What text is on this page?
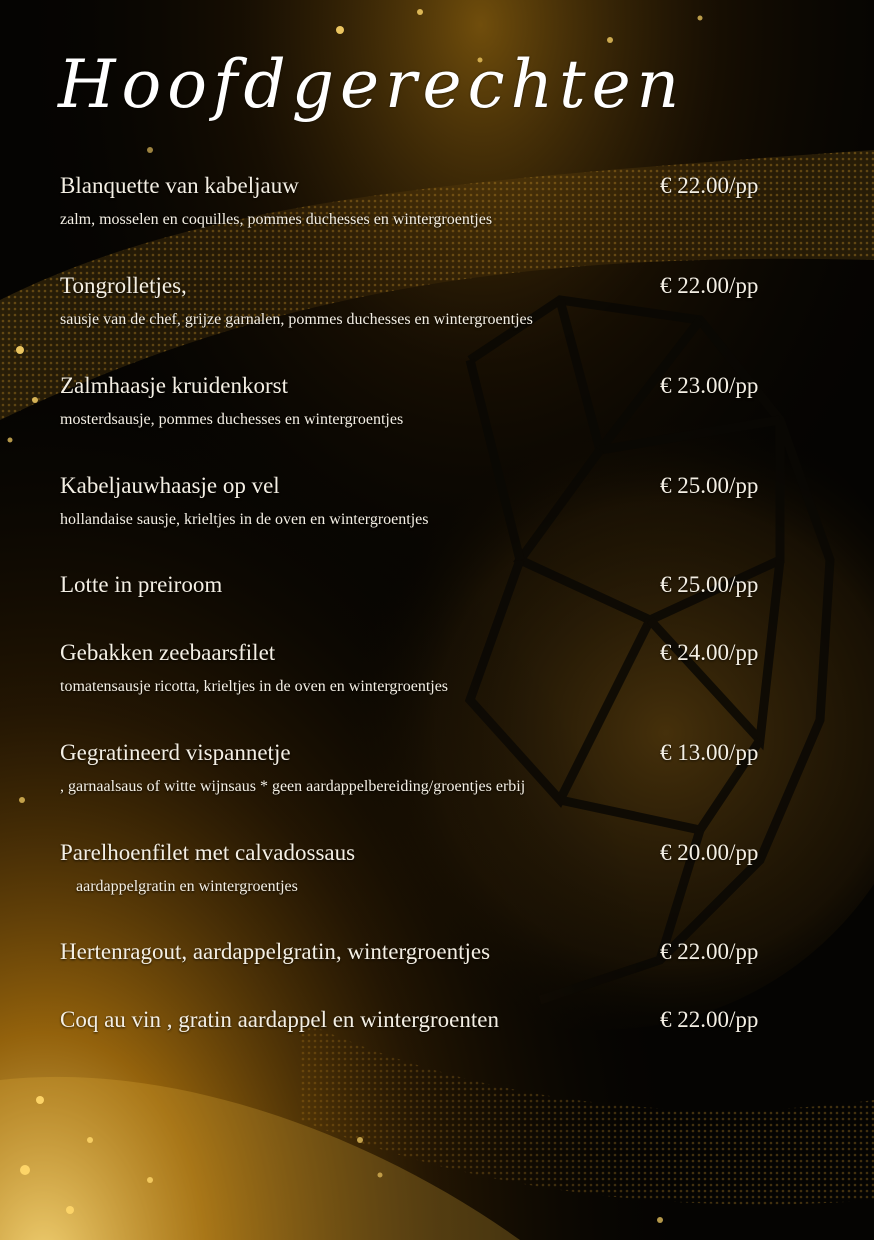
Hoofdgerechten
Blanquette van kabeljauw	€ 22.00/pp
zalm, mosselen en coquilles, pommes duchesses en wintergroentjes
Tongrolletjes,	€ 22.00/pp
sausje van de chef, grijze garnalen, pommes duchesses en wintergroentjes
Zalmhaasje kruidenkorst	€ 23.00/pp
mosterdsausje, pommes duchesses en wintergroentjes
Kabeljauwhaasje op vel	€ 25.00/pp
hollandaise sausje, krieltjes in de oven en wintergroentjes
Lotte in preiroom	€ 25.00/pp
Gebakken zeebaarsfilet	€ 24.00/pp
tomatensausje ricotta, krieltjes in de oven en wintergroentjes
Gegratineerd vispannetje	€ 13.00/pp
, garnaalsaus of witte wijnsaus * geen aardappelbereiding/groentjes erbij
Parelhoenfilet met calvadossaus	€ 20.00/pp
aardappelgratin en wintergroentjes
Hertenragout, aardappelgratin, wintergroentjes	€ 22.00/pp
Coq au vin , gratin aardappel en wintergroenten	€ 22.00/pp
